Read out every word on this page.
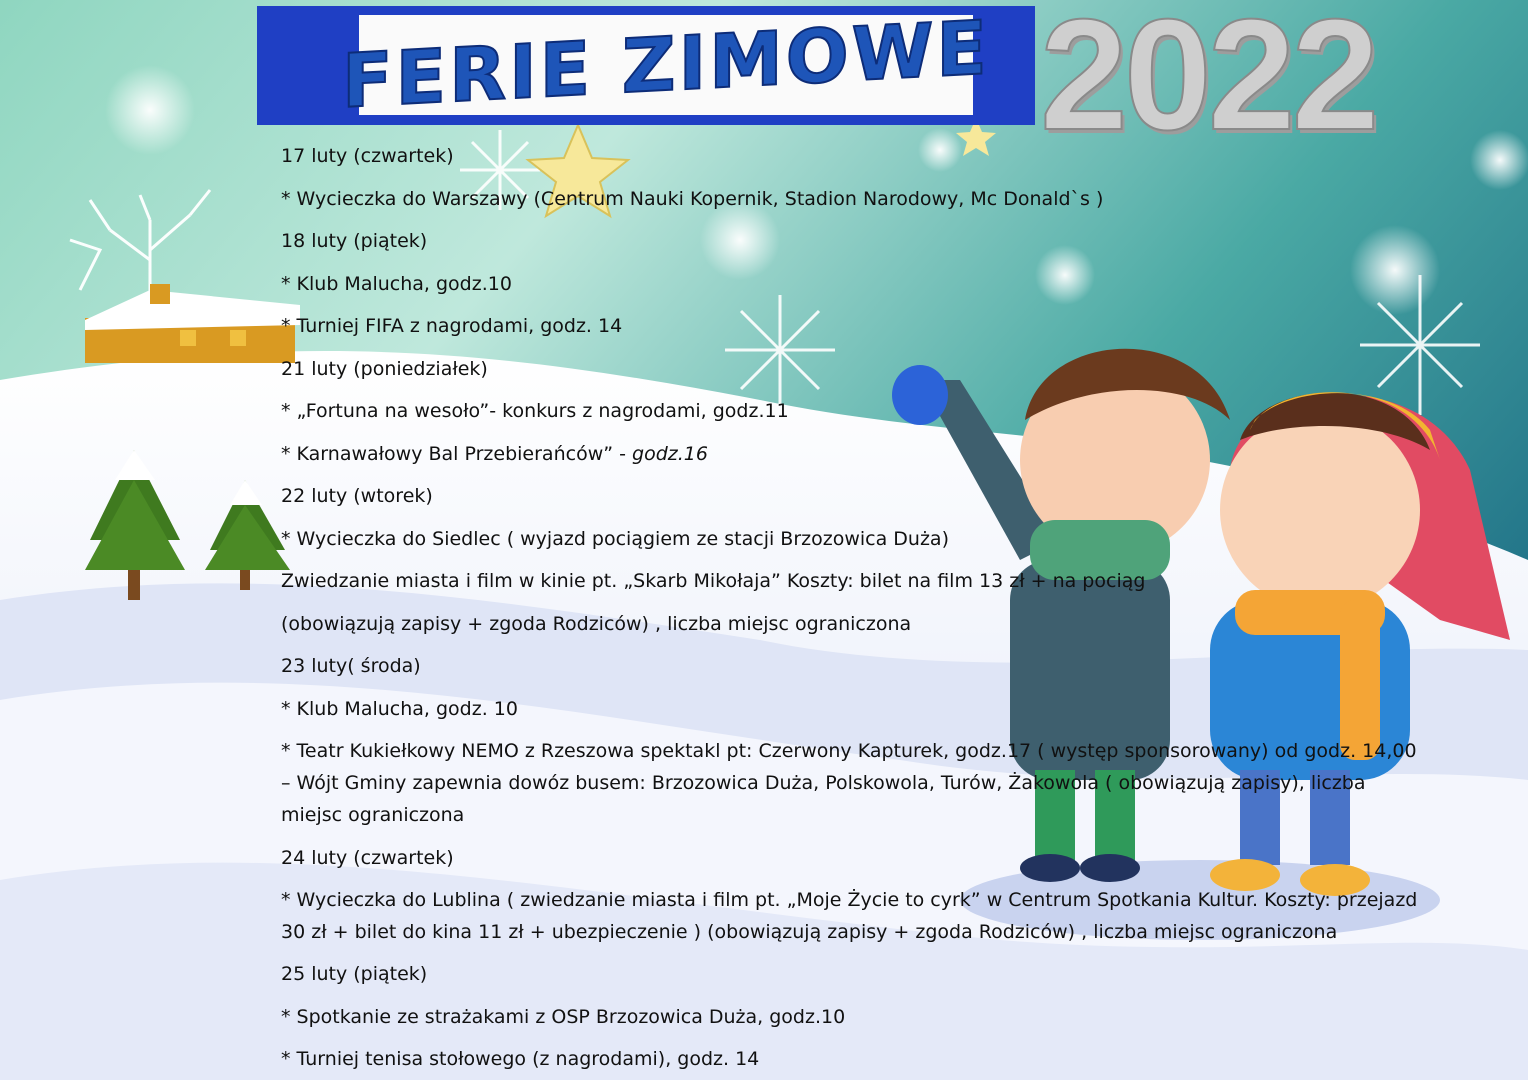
FERIE ZIMOWE 2022
17 luty (czwartek)
* Wycieczka do Warszawy (Centrum Nauki Kopernik, Stadion Narodowy, Mc Donald`s )
18 luty (piątek)
* Klub Malucha, godz.10
* Turniej FIFA z nagrodami, godz. 14
21 luty (poniedziałek)
* „Fortuna na wesoło”- konkurs z nagrodami, godz.11
* Karnawałowy Bal Przebierańców” - godz.16
22 luty (wtorek)
* Wycieczka do Siedlec ( wyjazd pociągiem ze stacji Brzozowica Duża)
Zwiedzanie miasta i film w kinie pt. „Skarb Mikołaja” Koszty: bilet na film 13 zł + na pociąg
(obowiązują zapisy + zgoda Rodziców) , liczba miejsc ograniczona
23 luty( środa)
* Klub Malucha, godz. 10
* Teatr Kukiełkowy NEMO z Rzeszowa spektakl pt: Czerwony Kapturek, godz.17 ( występ sponsorowany) od godz. 14,00
– Wójt Gminy zapewnia dowóz busem: Brzozowica Duża, Polskowola, Turów, Żakowola ( obowiązują zapisy), liczba
miejsc ograniczona
24 luty (czwartek)
* Wycieczka do Lublina ( zwiedzanie miasta i film pt. „Moje Życie to cyrk” w Centrum Spotkania Kultur. Koszty: przejazd
30 zł + bilet do kina 11 zł + ubezpieczenie ) (obowiązują zapisy + zgoda Rodziców) , liczba miejsc ograniczona
25 luty (piątek)
* Spotkanie ze strażakami z OSP Brzozowica Duża, godz.10
* Turniej tenisa stołowego (z nagrodami), godz. 14
